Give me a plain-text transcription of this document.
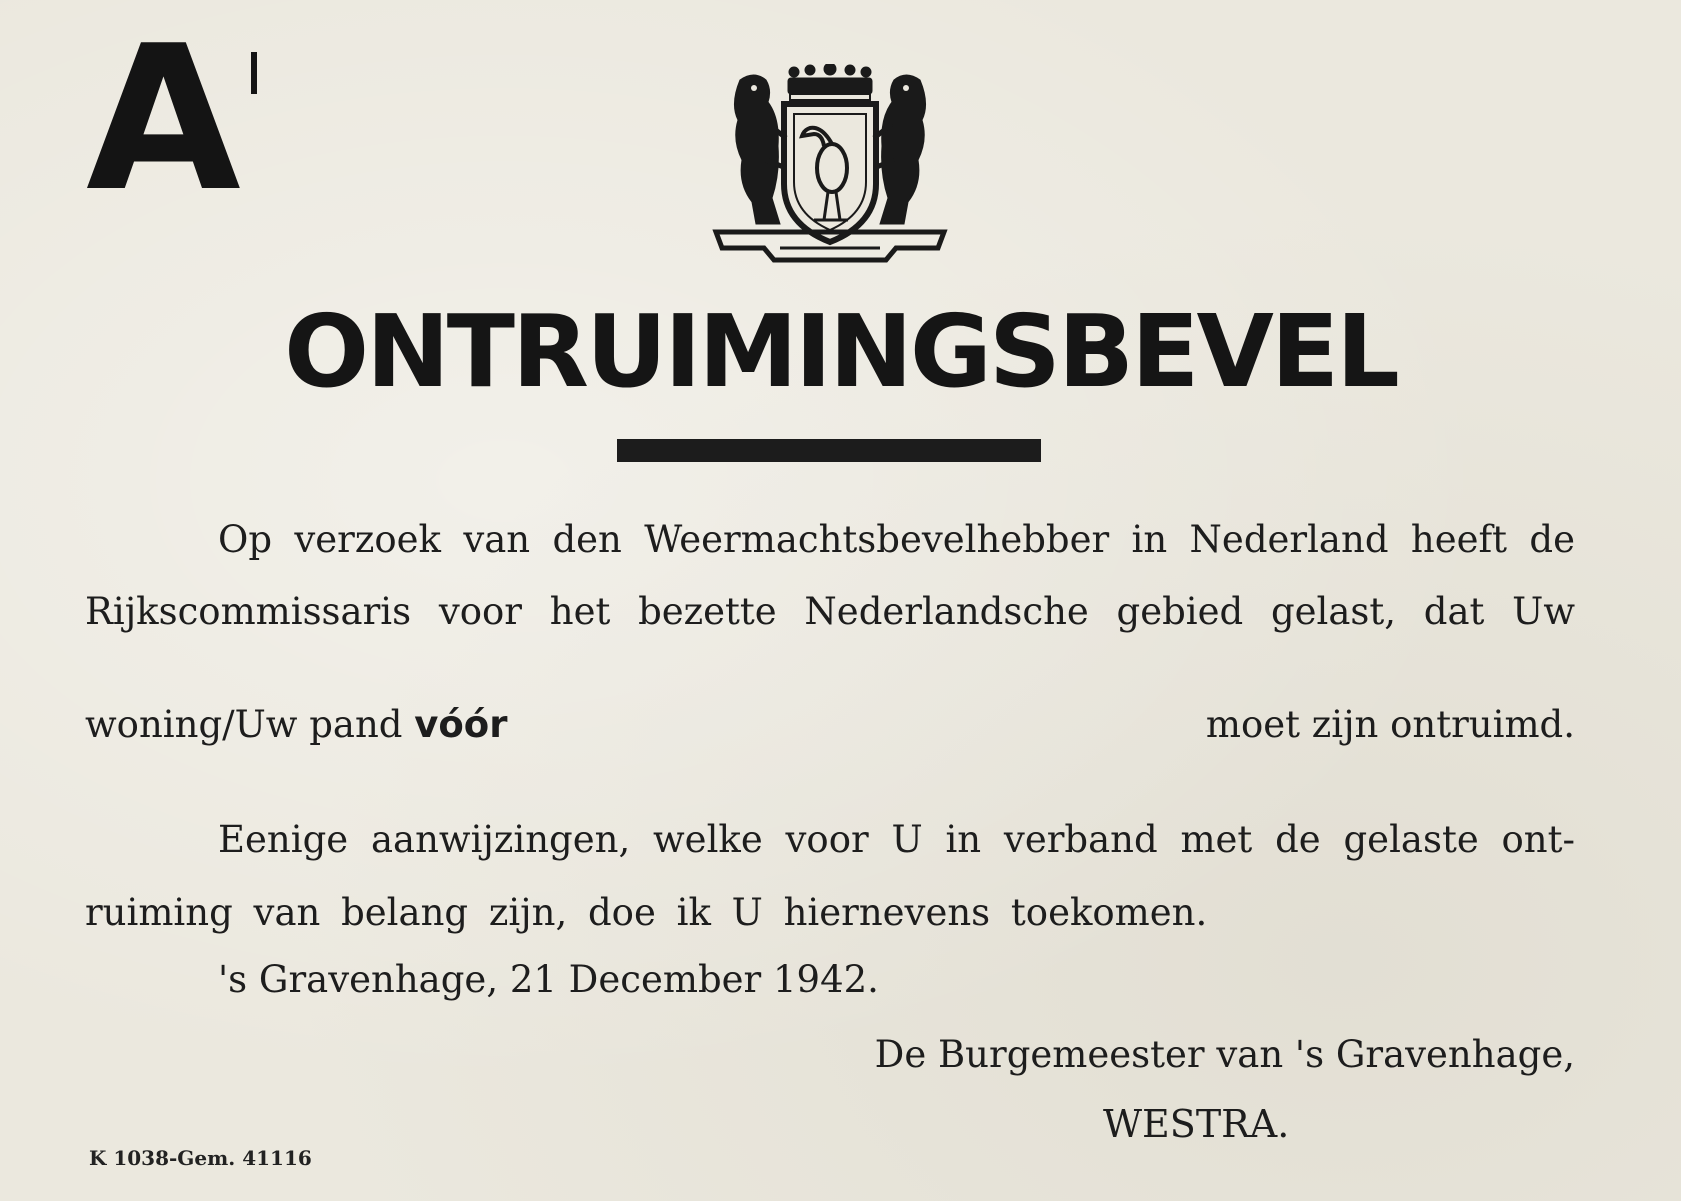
A
ONTRUIMINGSBEVEL
Op verzoek van den Weermachtsbevelhebber in Nederland heeft de
Rijkscommissaris voor het bezette Nederlandsche gebied gelast, dat Uw
woning/Uw pand vóór	moet zijn ontruimd.
Eenige aanwijzingen, welke voor U in verband met de gelaste ont-
ruiming van belang zijn, doe ik U hiernevens toekomen.
's Gravenhage, 21 December 1942.
De Burgemeester van 's Gravenhage,
WESTRA.
K 1038-Gem. 41116
